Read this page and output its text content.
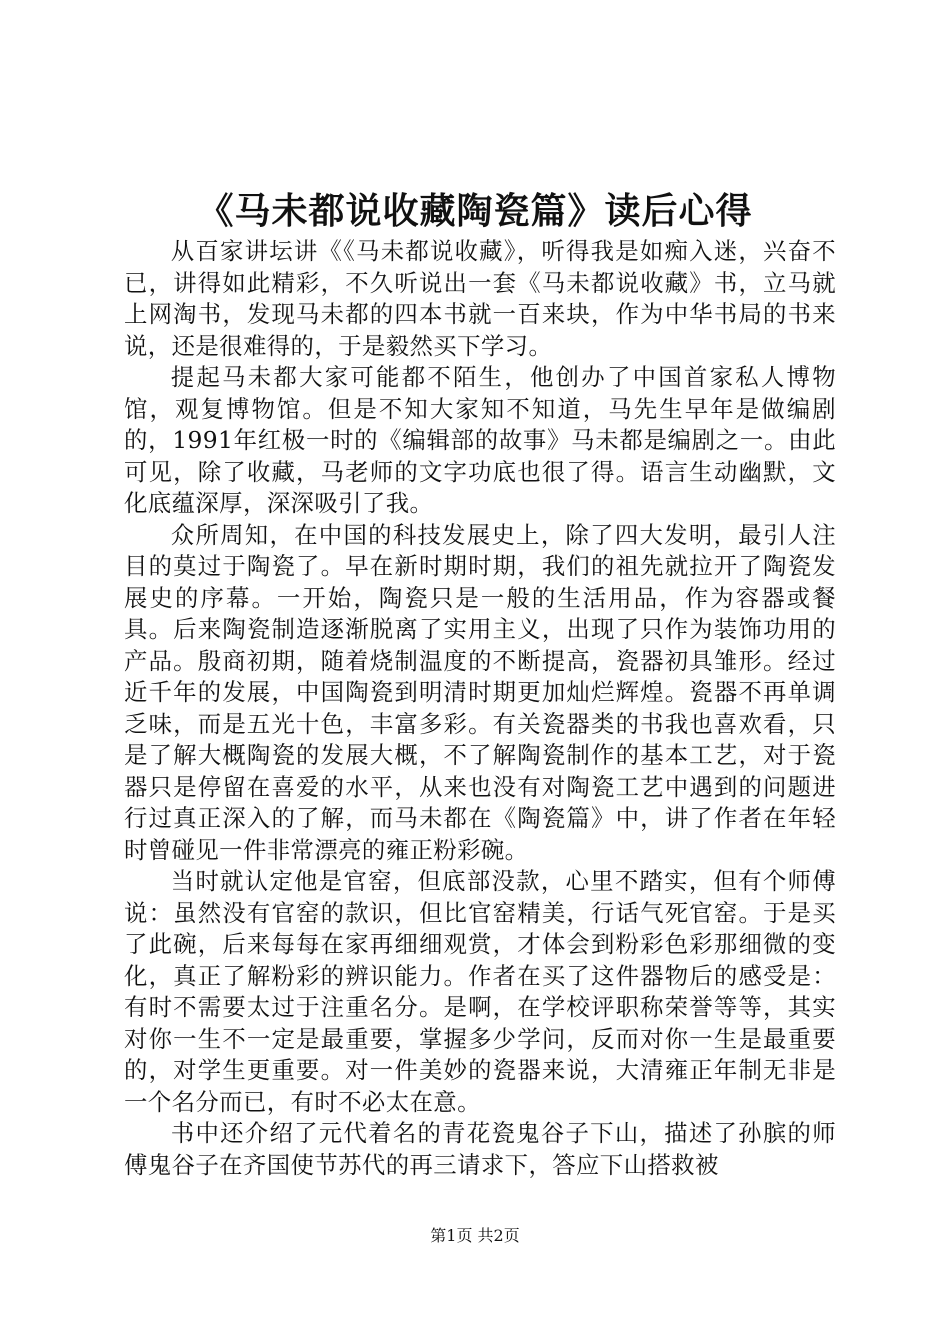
《马未都说收藏陶瓷篇》读后心得

从百家讲坛讲《《马未都说收藏》，听得我是如痴入迷，兴奋不已，讲得如此精彩，不久听说出一套《马未都说收藏》书，立马就上网淘书，发现马未都的四本书就一百来块，作为中华书局的书来说，还是很难得的，于是毅然买下学习。

提起马未都大家可能都不陌生，他创办了中国首家私人博物馆，观复博物馆。但是不知大家知不知道，马先生早年是做编剧的，1991年红极一时的《编辑部的故事》马未都是编剧之一。由此可见，除了收藏，马老师的文字功底也很了得。语言生动幽默，文化底蕴深厚，深深吸引了我。

众所周知，在中国的科技发展史上，除了四大发明，最引人注目的莫过于陶瓷了。早在新时期时期，我们的祖先就拉开了陶瓷发展史的序幕。一开始，陶瓷只是一般的生活用品，作为容器或餐具。后来陶瓷制造逐渐脱离了实用主义，出现了只作为装饰功用的产品。殷商初期，随着烧制温度的不断提高，瓷器初具雏形。经过近千年的发展，中国陶瓷到明清时期更加灿烂辉煌。瓷器不再单调乏味，而是五光十色，丰富多彩。有关瓷器类的书我也喜欢看，只是了解大概陶瓷的发展大概，不了解陶瓷制作的基本工艺，对于瓷器只是停留在喜爱的水平，从来也没有对陶瓷工艺中遇到的问题进行过真正深入的了解，而马未都在《陶瓷篇》中，讲了作者在年轻时曾碰见一件非常漂亮的雍正粉彩碗。

当时就认定他是官窑，但底部没款，心里不踏实，但有个师傅说：虽然没有官窑的款识，但比官窑精美，行话气死官窑。于是买了此碗，后来每每在家再细细观赏，才体会到粉彩色彩那细微的变化，真正了解粉彩的辨识能力。作者在买了这件器物后的感受是：有时不需要太过于注重名分。是啊，在学校评职称荣誉等等，其实对你一生不一定是最重要，掌握多少学问，反而对你一生是最重要的，对学生更重要。对一件美妙的瓷器来说，大清雍正年制无非是一个名分而已，有时不必太在意。

书中还介绍了元代着名的青花瓷鬼谷子下山，描述了孙膑的师傅鬼谷子在齐国使节苏代的再三请求下，答应下山搭救被

第1页 共2页
